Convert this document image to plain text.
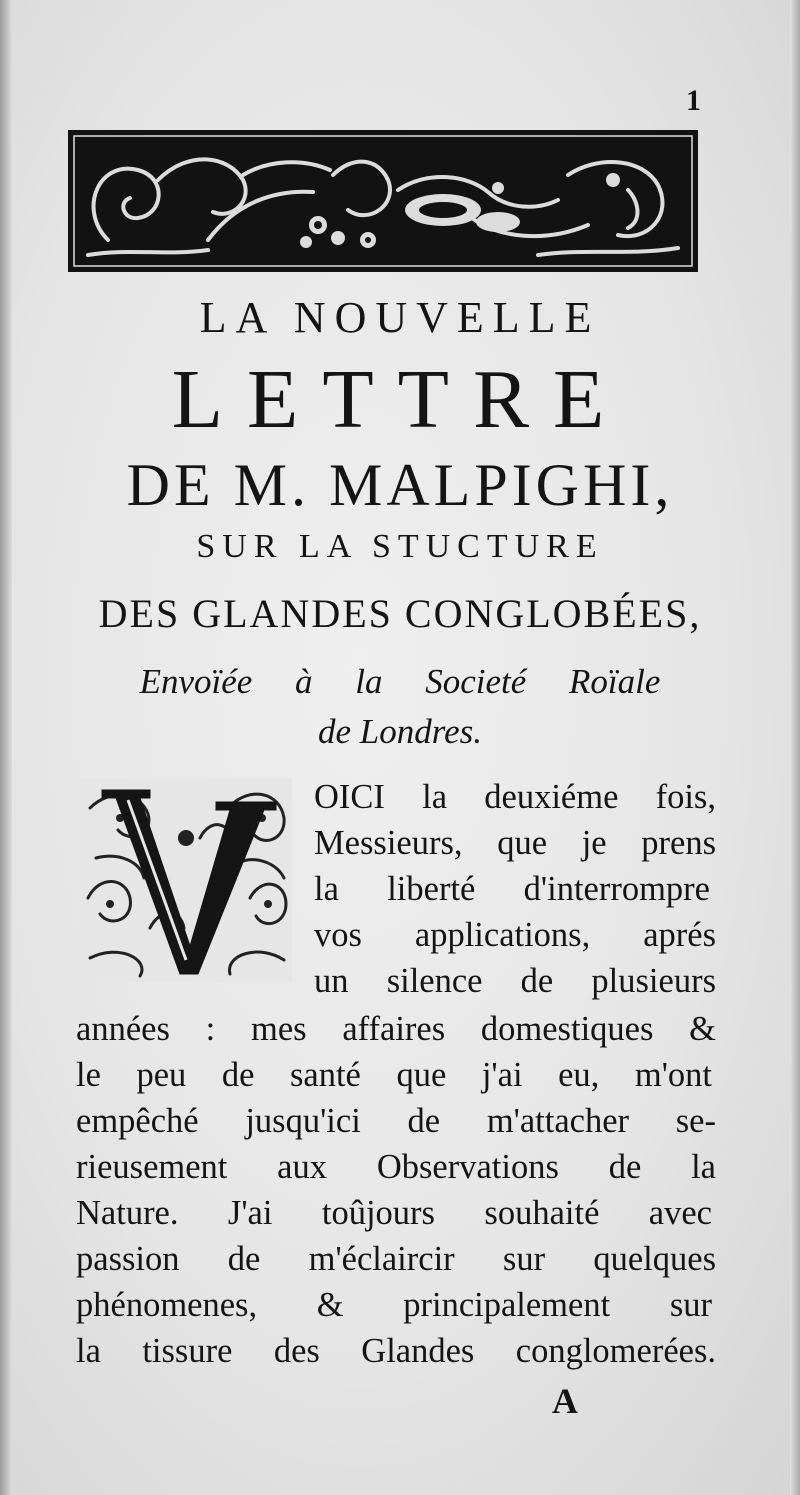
1
LA NOUVELLE
LETTRE
DE M. MALPIGHI,
SUR LA STUCTURE
DES GLANDES CONGLOBÉES,
Envoïée à la Societé Roïale
de Londres.
OICI la deuxiéme fois,
Messieurs, que je prens
la liberté d'interrompre
vos applications, aprés
un silence de plusieurs
années : mes affaires domestiques &
le peu de santé que j'ai eu, m'ont
empêché jusqu'ici de m'attacher se-
rieusement aux Observations de la
Nature. J'ai toûjours souhaité avec
passion de m'éclaircir sur quelques
phénomenes, & principalement sur
la tissure des Glandes conglomerées.
A
